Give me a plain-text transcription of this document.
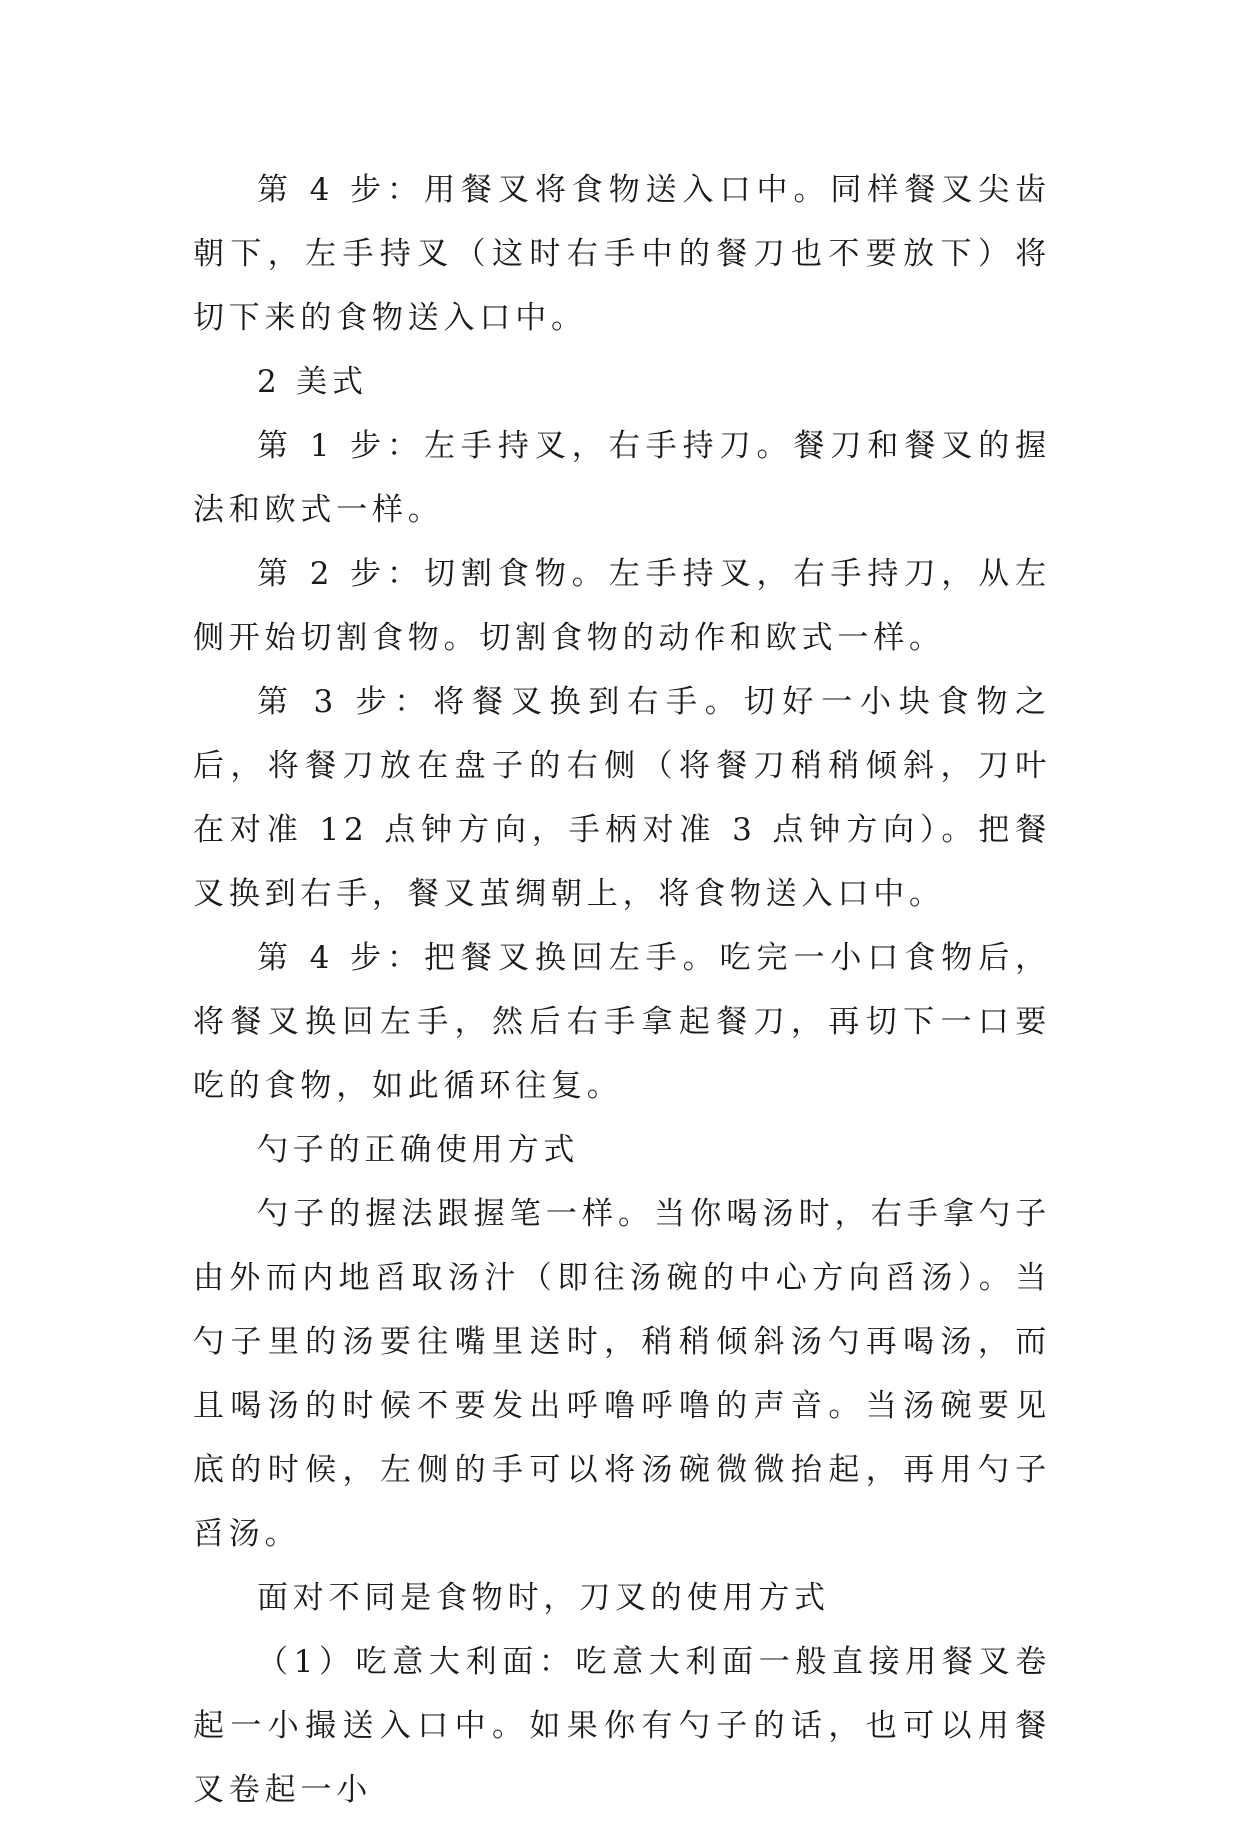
第 4 步：用餐叉将食物送入口中。同样餐叉尖齿朝下，左手持叉（这时右手中的餐刀也不要放下）将切下来的食物送入口中。

2 美式

第 1 步：左手持叉，右手持刀。餐刀和餐叉的握法和欧式一样。

第 2 步：切割食物。左手持叉，右手持刀，从左侧开始切割食物。切割食物的动作和欧式一样。

第 3 步：将餐叉换到右手。切好一小块食物之后，将餐刀放在盘子的右侧（将餐刀稍稍倾斜，刀叶在对准 12 点钟方向，手柄对准 3 点钟方向）。把餐叉换到右手，餐叉茧绸朝上，将食物送入口中。

第 4 步：把餐叉换回左手。吃完一小口食物后，将餐叉换回左手，然后右手拿起餐刀，再切下一口要吃的食物，如此循环往复。

勺子的正确使用方式

勺子的握法跟握笔一样。当你喝汤时，右手拿勺子由外而内地舀取汤汁（即往汤碗的中心方向舀汤）。当勺子里的汤要往嘴里送时，稍稍倾斜汤勺再喝汤，而且喝汤的时候不要发出呼噜呼噜的声音。当汤碗要见底的时候，左侧的手可以将汤碗微微抬起，再用勺子舀汤。

面对不同是食物时，刀叉的使用方式

（1）吃意大利面：吃意大利面一般直接用餐叉卷起一小撮送入口中。如果你有勺子的话，也可以用餐叉卷起一小
